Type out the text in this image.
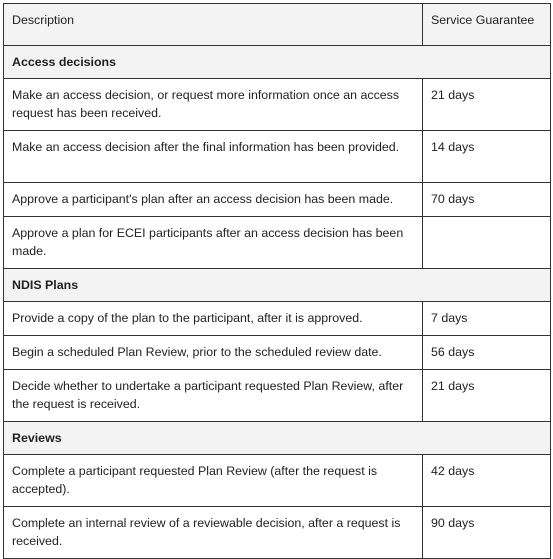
Description	Service Guarantee
Access decisions	
Make an access decision, or request more information once an access request has been received.	21 days
Make an access decision after the final information has been provided.	14 days
Approve a participant's plan after an access decision has been made.	70 days
Approve a plan for ECEI participants after an access decision has been made.	
NDIS Plans	
Provide a copy of the plan to the participant, after it is approved.	7 days
Begin a scheduled Plan Review, prior to the scheduled review date.	56 days
Decide whether to undertake a participant requested Plan Review, after the request is received.	21 days
Reviews	
Complete a participant requested Plan Review (after the request is accepted).	42 days
Complete an internal review of a reviewable decision, after a request is received.	90 days
